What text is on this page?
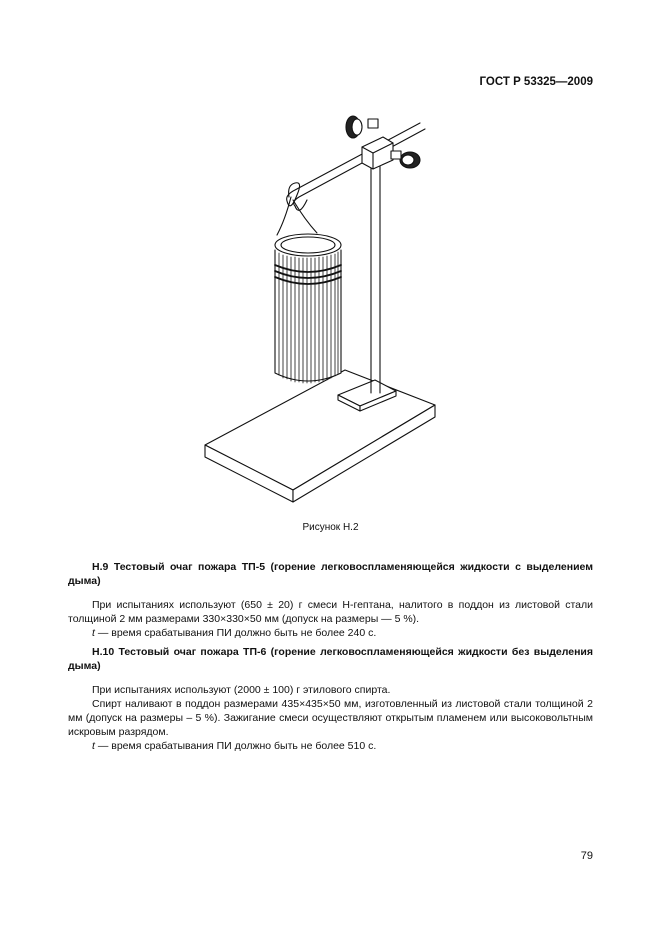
ГОСТ Р 53325—2009
Рисунок Н.2

Н.9 Тестовый очаг пожара ТП-5 (горение легковоспламеняющейся жидкости с выделением дыма)

При испытаниях используют (650 ± 20) г смеси Н-гептана, налитого в поддон из листовой стали толщиной 2 мм размерами 330×330×50 мм (допуск на размеры — 5 %).

t — время срабатывания ПИ должно быть не более 240 с.

Н.10 Тестовый очаг пожара ТП-6 (горение легковоспламеняющейся жидкости без выделения дыма)

При испытаниях используют (2000 ± 100) г этилового спирта.

Спирт наливают в поддон размерами 435×435×50 мм, изготовленный из листовой стали толщиной 2 мм (допуск на размеры – 5 %). Зажигание смеси осуществляют открытым пламенем или высоковольтным искровым разрядом.

t — время срабатывания ПИ должно быть не более 510 с.

79
